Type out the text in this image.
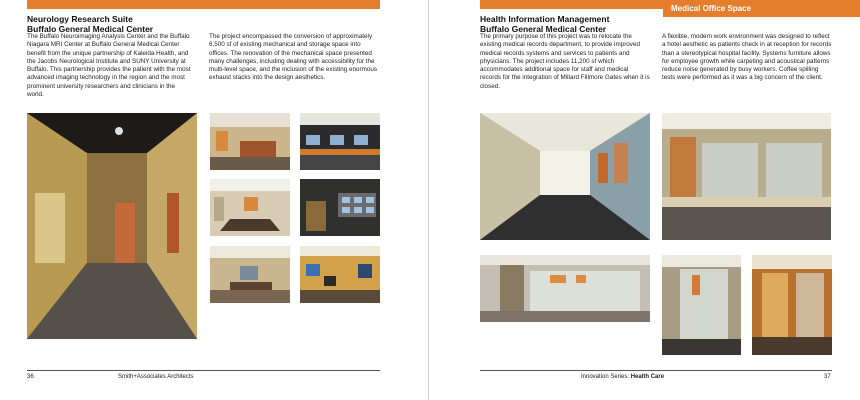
Neurology Research Suite
Buffalo General Medical Center
The Buffalo Neuroimaging Analysis Center and the Buffalo Niagara MRI Center at Buffalo General Medical Center benefit from the unique partnership of Kaleida Health, and the Jacobs Neurological Institute and SUNY University at Buffalo. This partnership provides the patient with the most advanced imaging technology in the region and the most prominent university researchers and clinicians in the world.
The project encompassed the conversion of approximately 6,500 sf of existing mechanical and storage space into offices. The renovation of the mechanical space presented many challenges, including dealing with accessibility for the multi-level space, and the inclusion of the existing enormous exhaust stacks into the design aesthetics.
36	Smith+Associates Architects
Medical Office Space
Health Information Management
Buffalo General Medical Center
The primary purpose of this project was to relocate the existing medical records department, to provide improved medical records systems and services to patients and physicians. The project includes 11,200 sf which accommodates additional space for staff and medical records for the integration of Millard Fillmore Gates when it is closed.
A flexible, modern work environment was designed to reflect a hotel aesthetic as patients check in at reception for records than a stereotypical hospital facility. Systems furniture allows for employee growth while carpeting and acoustical patterns reduce noise generated by busy workers. Coffee spilling tests were performed as it was a big concern of the client.
Innovation Series: Health Care	37
